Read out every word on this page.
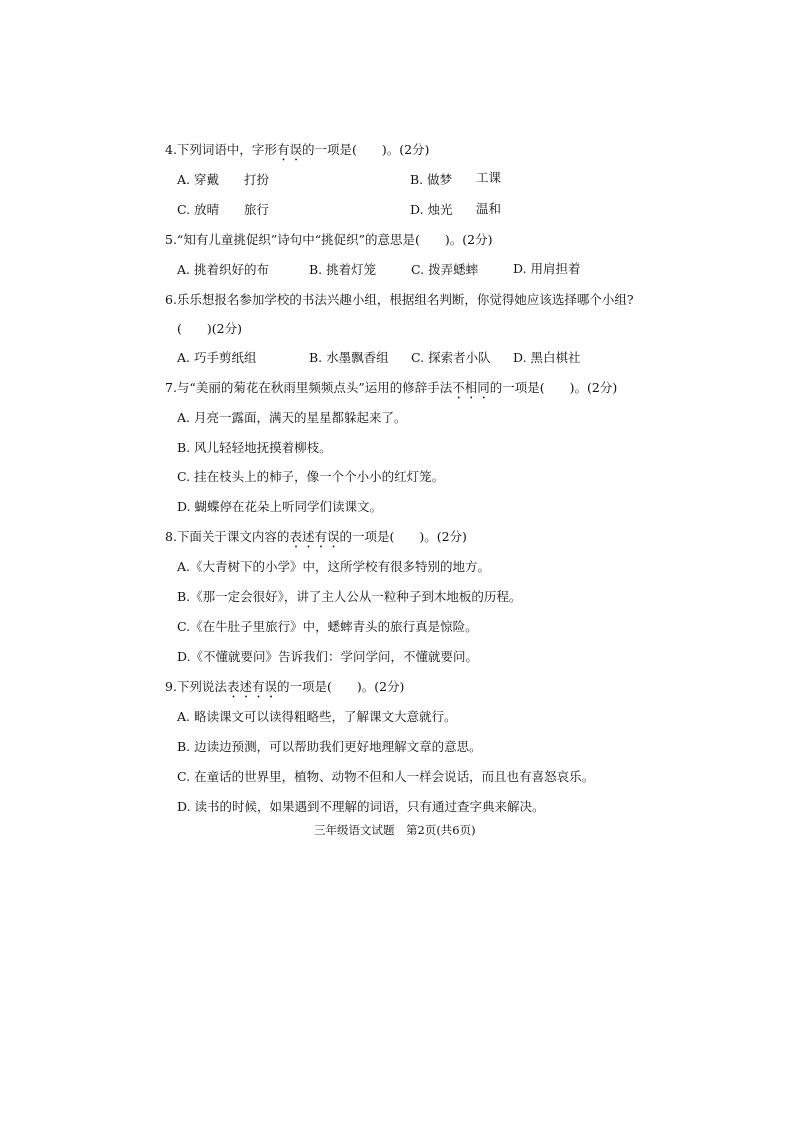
4.下列词语中，字形有误的一项是(　　)。(2分)
A. 穿戴 打扮	B. 做梦 工课
C. 放晴 旅行	D. 烛光 温和
5.“知有儿童挑促织”诗句中“挑促织”的意思是(　　)。(2分)
A. 挑着织好的布	B. 挑着灯笼	C. 拨弄蟋蟀	D. 用肩担着
6.乐乐想报名参加学校的书法兴趣小组，根据组名判断，你觉得她应该选择哪个小组?
(　　)(2分)
A. 巧手剪纸组	B. 水墨飘香组 C. 探索者小队 D. 黑白棋社
7.与“美丽的菊花在秋雨里频频点头”运用的修辞手法不相同的一项是(　　)。(2分)
A. 月亮一露面，满天的星星都躲起来了。
B. 风儿轻轻地抚摸着柳枝。
C. 挂在枝头上的柿子，像一个个小小的红灯笼。
D. 蝴蝶停在花朵上听同学们读课文。
8.下面关于课文内容的表述有误的一项是(　　)。(2分)
A.《大青树下的小学》中，这所学校有很多特别的地方。
B.《那一定会很好》，讲了主人公从一粒种子到木地板的历程。
C.《在牛肚子里旅行》中，蟋蟀青头的旅行真是惊险。
D.《不懂就要问》告诉我们：学问学问，不懂就要问。
9.下列说法表述有误的一项是(　　)。(2分)
A. 略读课文可以读得粗略些，了解课文大意就行。
B. 边读边预测，可以帮助我们更好地理解文章的意思。
C. 在童话的世界里，植物、动物不但和人一样会说话，而且也有喜怒哀乐。
D. 读书的时候，如果遇到不理解的词语，只有通过查字典来解决。
三年级语文试题　第2页(共6页)
